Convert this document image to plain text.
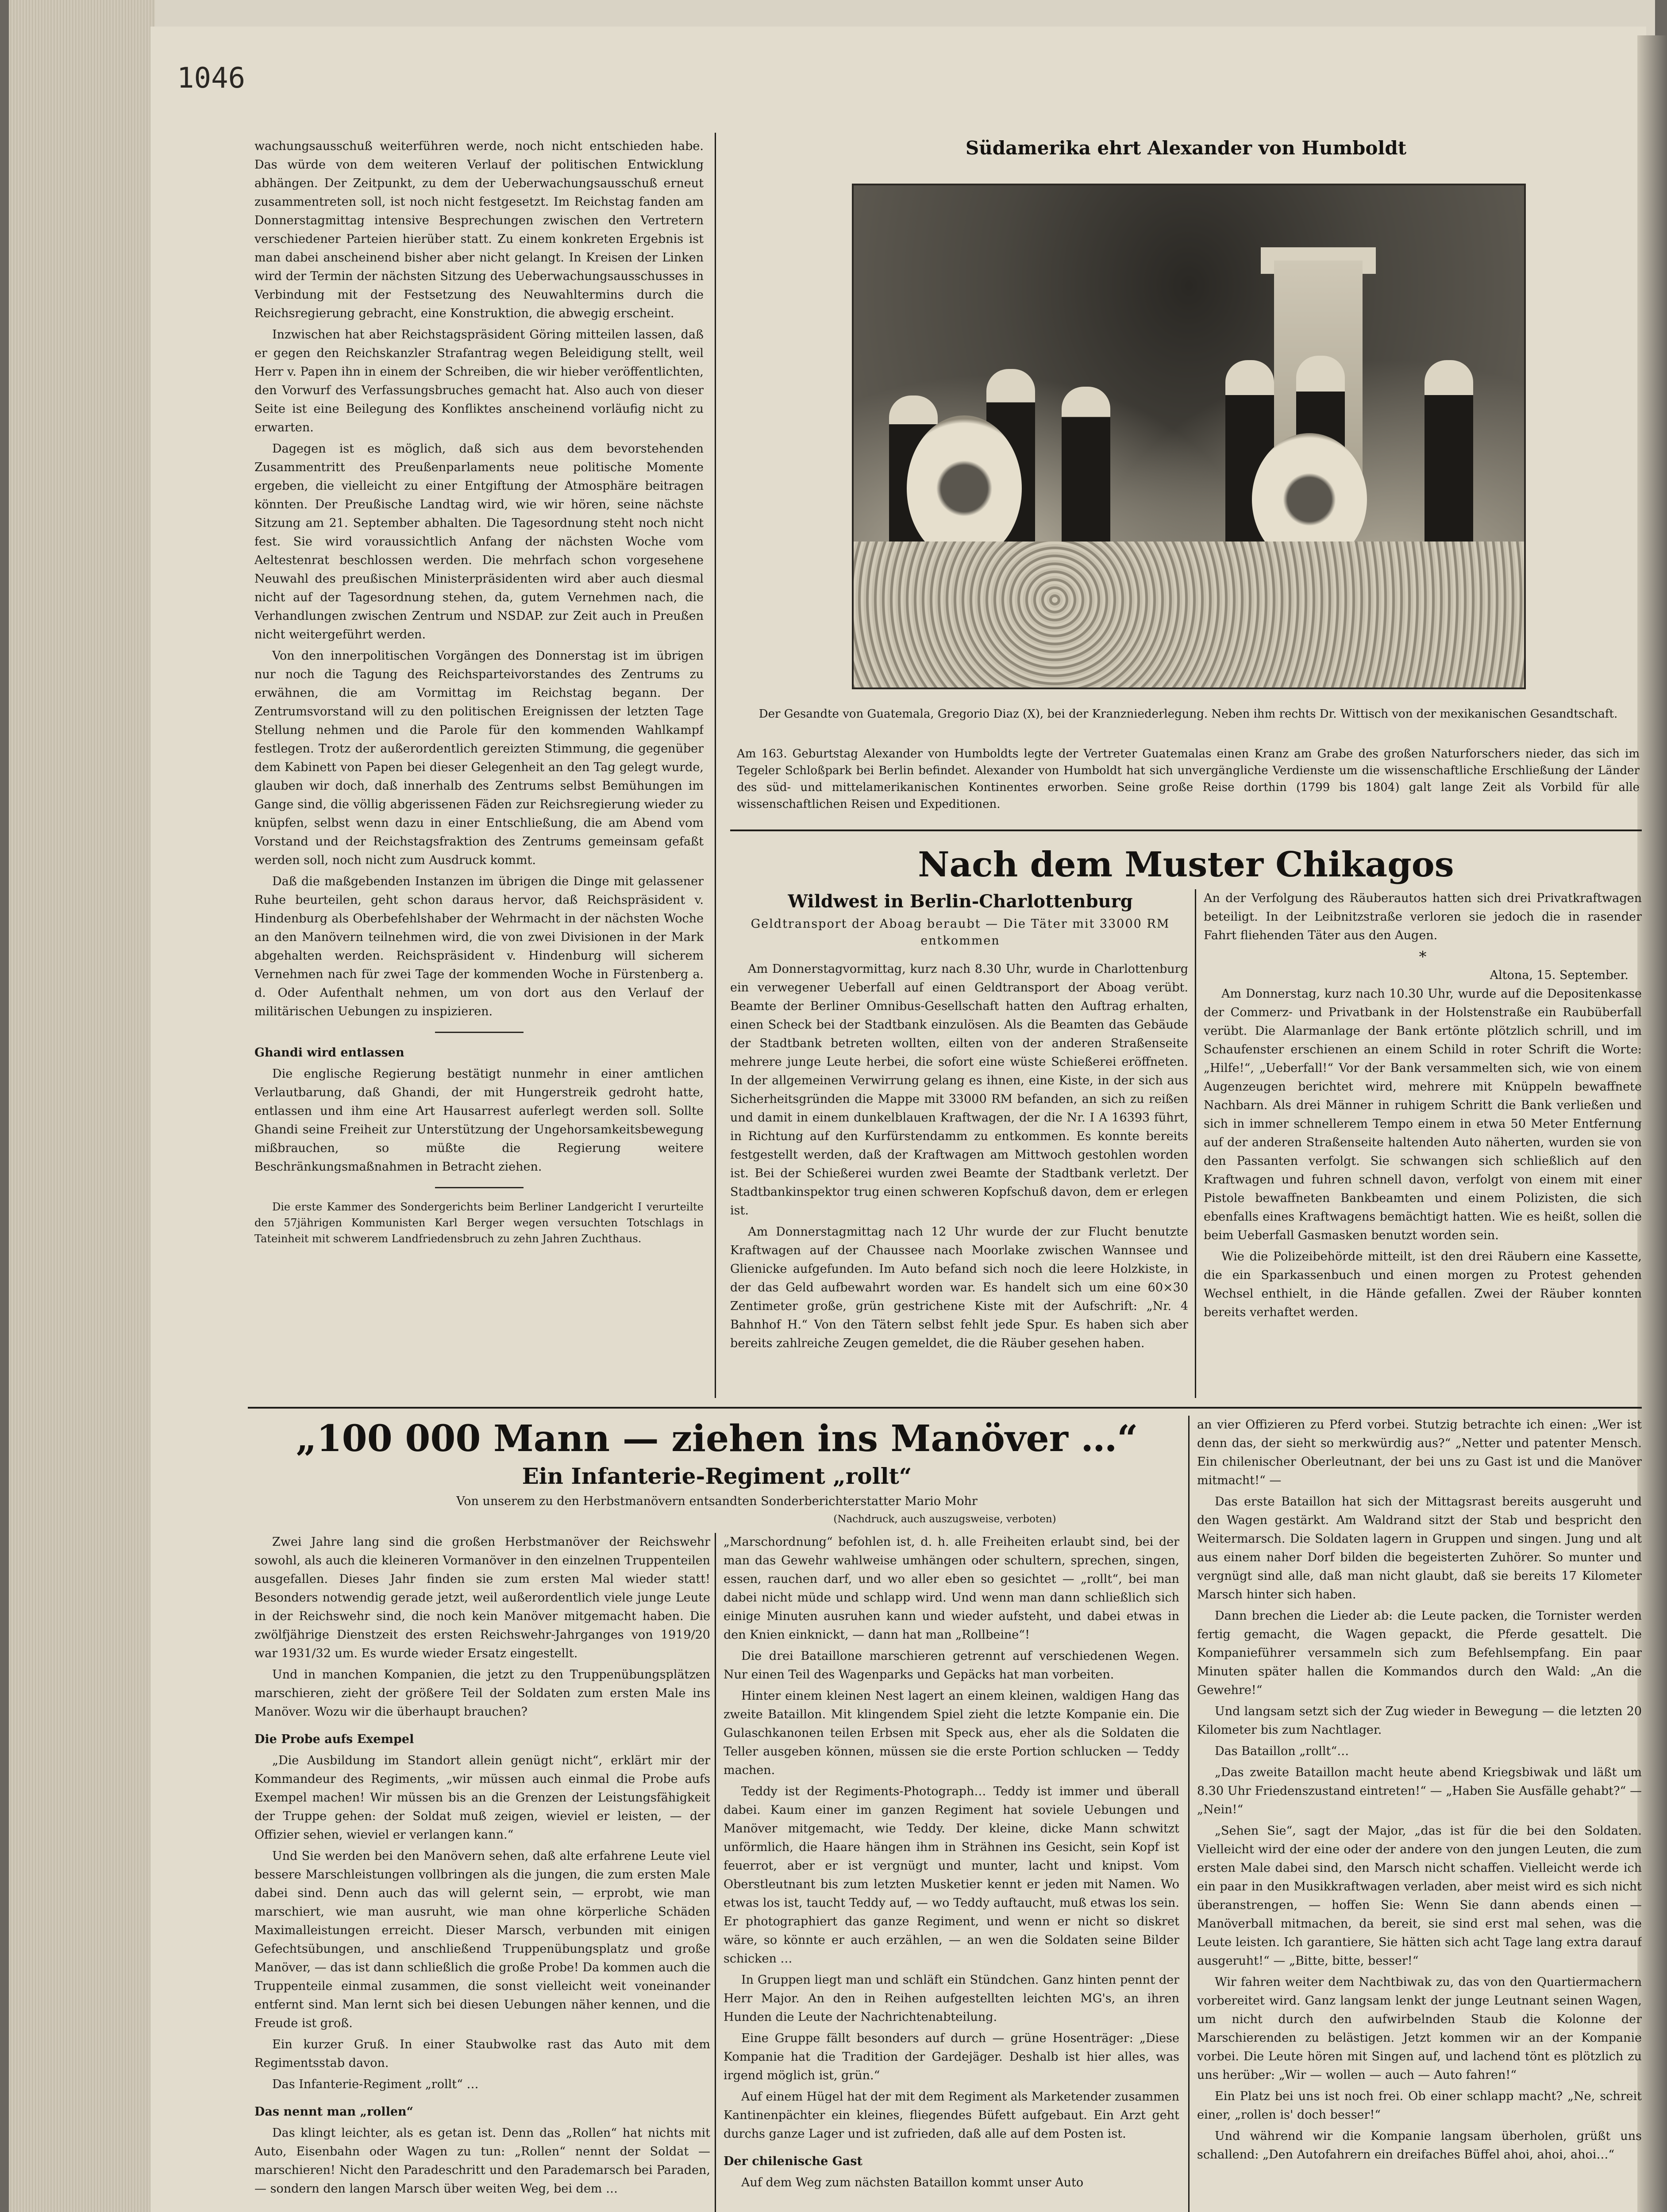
1046

wachungsausschuß weiterführen werde, noch nicht entschieden habe. Das würde von dem weiteren Verlauf der politischen Entwicklung abhängen. Der Zeitpunkt, zu dem der Ueberwachungsausschuß erneut zusammentreten soll, ist noch nicht festgesetzt. Im Reichstag fanden am Donnerstagmittag intensive Besprechungen zwischen den Vertretern verschiedener Parteien hierüber statt. Zu einem konkreten Ergebnis ist man dabei anscheinend bisher aber nicht gelangt. In Kreisen der Linken wird der Termin der nächsten Sitzung des Ueberwachungsausschusses in Verbindung mit der Festsetzung des Neuwahltermins durch die Reichsregierung gebracht, eine Konstruktion, die abwegig erscheint.

Inzwischen hat aber Reichstagspräsident Göring mitteilen lassen, daß er gegen den Reichskanzler Strafantrag wegen Beleidigung stellt, weil Herr v. Papen ihn in einem der Schreiben, die wir hieber veröffentlichten, den Vorwurf des Verfassungsbruches gemacht hat. Also auch von dieser Seite ist eine Beilegung des Konfliktes anscheinend vorläufig nicht zu erwarten.

Dagegen ist es möglich, daß sich aus dem bevorstehenden Zusammentritt des Preußenparlaments neue politische Momente ergeben, die vielleicht zu einer Entgiftung der Atmosphäre beitragen könnten. Der Preußische Landtag wird, wie wir hören, seine nächste Sitzung am 21. September abhalten. Die Tagesordnung steht noch nicht fest. Sie wird voraussichtlich Anfang der nächsten Woche vom Aeltestenrat beschlossen werden. Die mehrfach schon vorgesehene Neuwahl des preußischen Ministerpräsidenten wird aber auch diesmal nicht auf der Tagesordnung stehen, da, gutem Vernehmen nach, die Verhandlungen zwischen Zentrum und NSDAP. zur Zeit auch in Preußen nicht weitergeführt werden.

Von den innerpolitischen Vorgängen des Donnerstag ist im übrigen nur noch die Tagung des Reichsparteivorstandes des Zentrums zu erwähnen, die am Vormittag im Reichstag begann. Der Zentrumsvorstand will zu den politischen Ereignissen der letzten Tage Stellung nehmen und die Parole für den kommenden Wahlkampf festlegen. Trotz der außerordentlich gereizten Stimmung, die gegenüber dem Kabinett von Papen bei dieser Gelegenheit an den Tag gelegt wurde, glauben wir doch, daß innerhalb des Zentrums selbst Bemühungen im Gange sind, die völlig abgerissenen Fäden zur Reichsregierung wieder zu knüpfen, selbst wenn dazu in einer Entschließung, die am Abend vom Vorstand und der Reichstagsfraktion des Zentrums gemeinsam gefaßt werden soll, noch nicht zum Ausdruck kommt.

Daß die maßgebenden Instanzen im übrigen die Dinge mit gelassener Ruhe beurteilen, geht schon daraus hervor, daß Reichspräsident v. Hindenburg als Oberbefehlshaber der Wehrmacht in der nächsten Woche an den Manövern teilnehmen wird, die von zwei Divisionen in der Mark abgehalten werden. Reichspräsident v. Hindenburg will sicherem Vernehmen nach für zwei Tage der kommenden Woche in Fürstenberg a. d. Oder Aufenthalt nehmen, um von dort aus den Verlauf der militärischen Uebungen zu inspizieren.

Ghandi wird entlassen

Die englische Regierung bestätigt nunmehr in einer amtlichen Verlautbarung, daß Ghandi, der mit Hungerstreik gedroht hatte, entlassen und ihm eine Art Hausarrest auferlegt werden soll. Sollte Ghandi seine Freiheit zur Unterstützung der Ungehorsamkeitsbewegung mißbrauchen, so müßte die Regierung weitere Beschränkungsmaßnahmen in Betracht ziehen.

Die erste Kammer des Sondergerichts beim Berliner Landgericht I verurteilte den 57jährigen Kommunisten Karl Berger wegen versuchten Totschlags in Tateinheit mit schwerem Landfriedensbruch zu zehn Jahren Zuchthaus.

Südamerika ehrt Alexander von Humboldt
Der Gesandte von Guatemala, Gregorio Diaz (X), bei der Kranzniederlegung. Neben ihm rechts Dr. Wittisch von der mexikanischen Gesandtschaft.
Am 163. Geburtstag Alexander von Humboldts legte der Vertreter Guatemalas einen Kranz am Grabe des großen Naturforschers nieder, das sich im Tegeler Schloßpark bei Berlin befindet. Alexander von Humboldt hat sich unvergängliche Verdienste um die wissenschaftliche Erschließung der Länder des süd- und mittelamerikanischen Kontinentes erworben. Seine große Reise dorthin (1799 bis 1804) galt lange Zeit als Vorbild für alle wissenschaftlichen Reisen und Expeditionen.
Nach dem Muster Chikagos
Wildwest in Berlin-Charlottenburg
Geldtransport der Aboag beraubt — Die Täter mit 33000 RM entkommen

Am Donnerstagvormittag, kurz nach 8.30 Uhr, wurde in Charlottenburg ein verwegener Ueberfall auf einen Geldtransport der Aboag verübt. Beamte der Berliner Omnibus-Gesellschaft hatten den Auftrag erhalten, einen Scheck bei der Stadtbank einzulösen. Als die Beamten das Gebäude der Stadtbank betreten wollten, eilten von der anderen Straßenseite mehrere junge Leute herbei, die sofort eine wüste Schießerei eröffneten. In der allgemeinen Verwirrung gelang es ihnen, eine Kiste, in der sich aus Sicherheitsgründen die Mappe mit 33000 RM befanden, an sich zu reißen und damit in einem dunkelblauen Kraftwagen, der die Nr. I A 16393 führt, in Richtung auf den Kurfürstendamm zu entkommen. Es konnte bereits festgestellt werden, daß der Kraftwagen am Mittwoch gestohlen worden ist. Bei der Schießerei wurden zwei Beamte der Stadtbank verletzt. Der Stadtbankinspektor trug einen schweren Kopfschuß davon, dem er erlegen ist.

Am Donnerstagmittag nach 12 Uhr wurde der zur Flucht benutzte Kraftwagen auf der Chaussee nach Moorlake zwischen Wannsee und Glienicke aufgefunden. Im Auto befand sich noch die leere Holzkiste, in der das Geld aufbewahrt worden war. Es handelt sich um eine 60×30 Zentimeter große, grün gestrichene Kiste mit der Aufschrift: „Nr. 4 Bahnhof H.“ Von den Tätern selbst fehlt jede Spur. Es haben sich aber bereits zahlreiche Zeugen gemeldet, die die Räuber gesehen haben.

An der Verfolgung des Räuberautos hatten sich drei Privatkraftwagen beteiligt. In der Leibnitzstraße verloren sie jedoch die in rasender Fahrt fliehenden Täter aus den Augen.

*
Altona, 15. September.

Am Donnerstag, kurz nach 10.30 Uhr, wurde auf die Depositenkasse der Commerz- und Privatbank in der Holstenstraße ein Raubüberfall verübt. Die Alarmanlage der Bank ertönte plötzlich schrill, und im Schaufenster erschienen an einem Schild in roter Schrift die Worte: „Hilfe!“, „Ueberfall!“ Vor der Bank versammelten sich, wie von einem Augenzeugen berichtet wird, mehrere mit Knüppeln bewaffnete Nachbarn. Als drei Männer in ruhigem Schritt die Bank verließen und sich in immer schnellerem Tempo einem in etwa 50 Meter Entfernung auf der anderen Straßenseite haltenden Auto näherten, wurden sie von den Passanten verfolgt. Sie schwangen sich schließlich auf den Kraftwagen und fuhren schnell davon, verfolgt von einem mit einer Pistole bewaffneten Bankbeamten und einem Polizisten, die sich ebenfalls eines Kraftwagens bemächtigt hatten. Wie es heißt, sollen die beim Ueberfall Gasmasken benutzt worden sein.

Wie die Polizeibehörde mitteilt, ist den drei Räubern eine Kassette, die ein Sparkassenbuch und einen morgen zu Protest gehenden Wechsel enthielt, in die Hände gefallen. Zwei der Räuber konnten bereits verhaftet werden.

„100 000 Mann — ziehen ins Manöver …“
Ein Infanterie-Regiment „rollt“
Von unserem zu den Herbstmanövern entsandten Sonderberichterstatter Mario Mohr
(Nachdruck, auch auszugsweise, verboten)

Zwei Jahre lang sind die großen Herbstmanöver der Reichswehr sowohl, als auch die kleineren Vormanöver in den einzelnen Truppenteilen ausgefallen. Dieses Jahr finden sie zum ersten Mal wieder statt! Besonders notwendig gerade jetzt, weil außerordentlich viele junge Leute in der Reichswehr sind, die noch kein Manöver mitgemacht haben. Die zwölfjährige Dienstzeit des ersten Reichswehr-Jahrganges von 1919/20 war 1931/32 um. Es wurde wieder Ersatz eingestellt.

Und in manchen Kompanien, die jetzt zu den Truppenübungsplätzen marschieren, zieht der größere Teil der Soldaten zum ersten Male ins Manöver. Wozu wir die überhaupt brauchen?

Die Probe aufs Exempel

„Die Ausbildung im Standort allein genügt nicht“, erklärt mir der Kommandeur des Regiments, „wir müssen auch einmal die Probe aufs Exempel machen! Wir müssen bis an die Grenzen der Leistungsfähigkeit der Truppe gehen: der Soldat muß zeigen, wieviel er leisten, — der Offizier sehen, wieviel er verlangen kann.“

Und Sie werden bei den Manövern sehen, daß alte erfahrene Leute viel bessere Marschleistungen vollbringen als die jungen, die zum ersten Male dabei sind. Denn auch das will gelernt sein, — erprobt, wie man marschiert, wie man ausruht, wie man ohne körperliche Schäden Maximalleistungen erreicht. Dieser Marsch, verbunden mit einigen Gefechtsübungen, und anschließend Truppenübungsplatz und große Manöver, — das ist dann schließlich die große Probe! Da kommen auch die Truppenteile einmal zusammen, die sonst vielleicht weit voneinander entfernt sind. Man lernt sich bei diesen Uebungen näher kennen, und die Freude ist groß.

Ein kurzer Gruß. In einer Staubwolke rast das Auto mit dem Regimentsstab davon.

Das Infanterie-Regiment „rollt“ …

Das nennt man „rollen“

Das klingt leichter, als es getan ist. Denn das „Rollen“ hat nichts mit Auto, Eisenbahn oder Wagen zu tun: „Rollen“ nennt der Soldat — marschieren! Nicht den Paradeschritt und den Parademarsch bei Paraden, — sondern den langen Marsch über weiten Weg, bei dem …

„Marschordnung“ befohlen ist, d. h. alle Freiheiten erlaubt sind, bei der man das Gewehr wahlweise umhängen oder schultern, sprechen, singen, essen, rauchen darf, und wo aller eben so gesichtet — „rollt“, bei man dabei nicht müde und schlapp wird. Und wenn man dann schließlich sich einige Minuten ausruhen kann und wieder aufsteht, und dabei etwas in den Knien einknickt, — dann hat man „Rollbeine“!

Die drei Bataillone marschieren getrennt auf verschiedenen Wegen. Nur einen Teil des Wagenparks und Gepäcks hat man vorbeiten.

Hinter einem kleinen Nest lagert an einem kleinen, waldigen Hang das zweite Bataillon. Mit klingendem Spiel zieht die letzte Kompanie ein. Die Gulaschkanonen teilen Erbsen mit Speck aus, eher als die Soldaten die Teller ausgeben können, müssen sie die erste Portion schlucken — Teddy machen.

Teddy ist der Regiments-Photograph… Teddy ist immer und überall dabei. Kaum einer im ganzen Regiment hat soviele Uebungen und Manöver mitgemacht, wie Teddy. Der kleine, dicke Mann schwitzt unförmlich, die Haare hängen ihm in Strähnen ins Gesicht, sein Kopf ist feuerrot, aber er ist vergnügt und munter, lacht und knipst. Vom Oberstleutnant bis zum letzten Musketier kennt er jeden mit Namen. Wo etwas los ist, taucht Teddy auf, — wo Teddy auftaucht, muß etwas los sein. Er photographiert das ganze Regiment, und wenn er nicht so diskret wäre, so könnte er auch erzählen, — an wen die Soldaten seine Bilder schicken …

In Gruppen liegt man und schläft ein Stündchen. Ganz hinten pennt der Herr Major. An den in Reihen aufgestellten leichten MG's, an ihren Hunden die Leute der Nachrichtenabteilung.

Eine Gruppe fällt besonders auf durch — grüne Hosenträger: „Diese Kompanie hat die Tradition der Gardejäger. Deshalb ist hier alles, was irgend möglich ist, grün.“

Auf einem Hügel hat der mit dem Regiment als Marketender zusammen Kantinenpächter ein kleines, fliegendes Büfett aufgebaut. Ein Arzt geht durchs ganze Lager und ist zufrieden, daß alle auf dem Posten ist.

Der chilenische Gast

Auf dem Weg zum nächsten Bataillon kommt unser Auto

an vier Offizieren zu Pferd vorbei. Stutzig betrachte ich einen: „Wer ist denn das, der sieht so merkwürdig aus?“ „Netter und patenter Mensch. Ein chilenischer Oberleutnant, der bei uns zu Gast ist und die Manöver mitmacht!“ —

Das erste Bataillon hat sich der Mittagsrast bereits ausgeruht und den Wagen gestärkt. Am Waldrand sitzt der Stab und bespricht den Weitermarsch. Die Soldaten lagern in Gruppen und singen. Jung und alt aus einem naher Dorf bilden die begeisterten Zuhörer. So munter und vergnügt sind alle, daß man nicht glaubt, daß sie bereits 17 Kilometer Marsch hinter sich haben.

Dann brechen die Lieder ab: die Leute packen, die Tornister werden fertig gemacht, die Wagen gepackt, die Pferde gesattelt. Die Kompanieführer versammeln sich zum Befehlsempfang. Ein paar Minuten später hallen die Kommandos durch den Wald: „An die Gewehre!“

Und langsam setzt sich der Zug wieder in Bewegung — die letzten 20 Kilometer bis zum Nachtlager.

Das Bataillon „rollt“…

„Das zweite Bataillon macht heute abend Kriegsbiwak und läßt um 8.30 Uhr Friedenszustand eintreten!“ — „Haben Sie Ausfälle gehabt?“ — „Nein!“

„Sehen Sie“, sagt der Major, „das ist für die bei den Soldaten. Vielleicht wird der eine oder der andere von den jungen Leuten, die zum ersten Male dabei sind, den Marsch nicht schaffen. Vielleicht werde ich ein paar in den Musikkraftwagen verladen, aber meist wird es sich nicht überanstrengen, — hoffen Sie: Wenn Sie dann abends einen — Manöverball mitmachen, da bereit, sie sind erst mal sehen, was die Leute leisten. Ich garantiere, Sie hätten sich acht Tage lang extra darauf ausgeruht!“ — „Bitte, bitte, besser!“

Wir fahren weiter dem Nachtbiwak zu, das von den Quartiermachern vorbereitet wird. Ganz langsam lenkt der junge Leutnant seinen Wagen, um nicht durch den aufwirbelnden Staub die Kolonne der Marschierenden zu belästigen. Jetzt kommen wir an der Kompanie vorbei. Die Leute hören mit Singen auf, und lachend tönt es plötzlich zu uns herüber: „Wir — wollen — auch — Auto fahren!“

Ein Platz bei uns ist noch frei. Ob einer schlapp macht? „Ne, schreit einer, „rollen is' doch besser!“

Und während wir die Kompanie langsam überholen, grüßt uns schallend: „Den Autofahrern ein dreifaches Büffel ahoi, ahoi, ahoi…“
